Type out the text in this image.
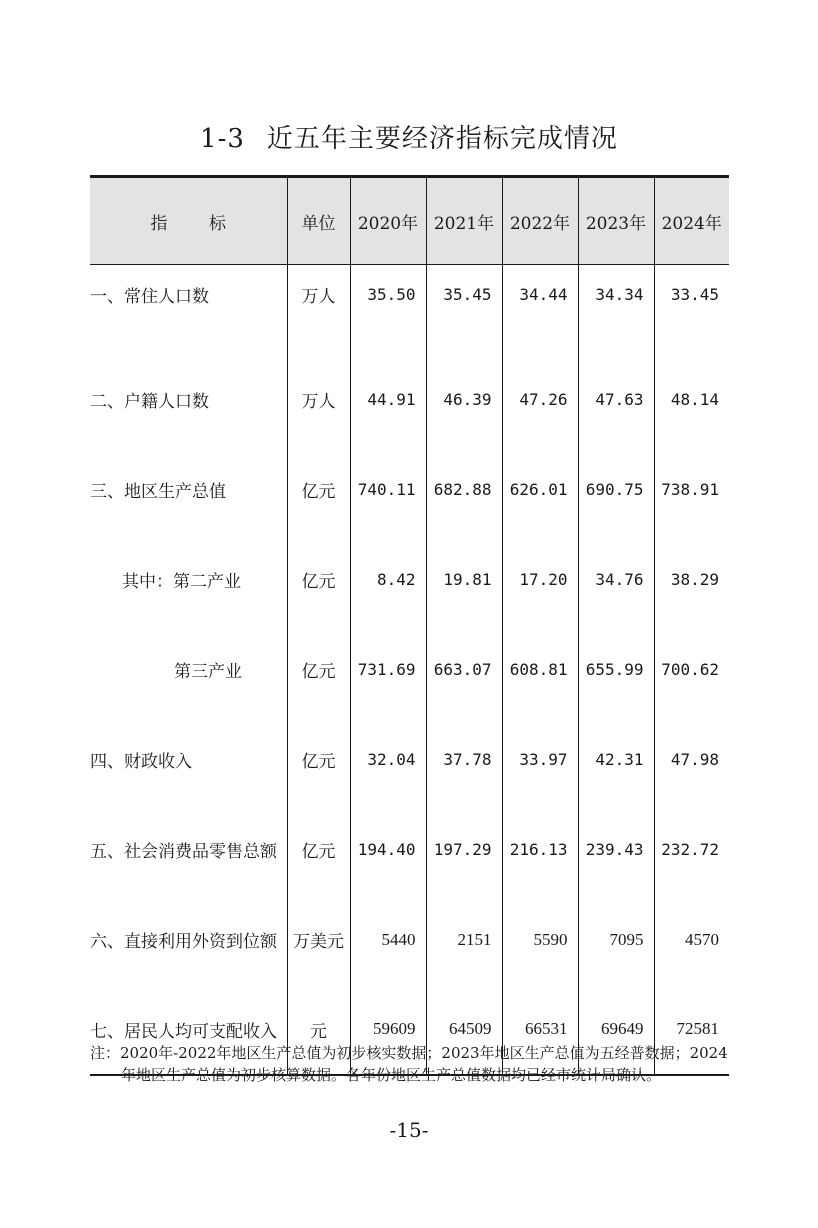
1-3 近五年主要经济指标完成情况
指 标	单位	2020年	2021年	2022年	2023年	2024年
一、常住人口数	万人	35.50	35.45	34.44	34.34	33.45
二、户籍人口数	万人	44.91	46.39	47.26	47.63	48.14
三、地区生产总值	亿元	740.11	682.88	626.01	690.75	738.91
其中：第二产业	亿元	8.42	19.81	17.20	34.76	38.29
第三产业	亿元	731.69	663.07	608.81	655.99	700.62
四、财政收入	亿元	32.04	37.78	33.97	42.31	47.98
五、社会消费品零售总额	亿元	194.40	197.29	216.13	239.43	232.72
六、直接利用外资到位额	万美元	5440	2151	5590	7095	4570
七、居民人均可支配收入	元	59609	64509	66531	69649	72581
注：2020年-2022年地区生产总值为初步核实数据；2023年地区生产总值为五经普数据；2024
年地区生产总值为初步核算数据。各年份地区生产总值数据均已经市统计局确认。
-15-
